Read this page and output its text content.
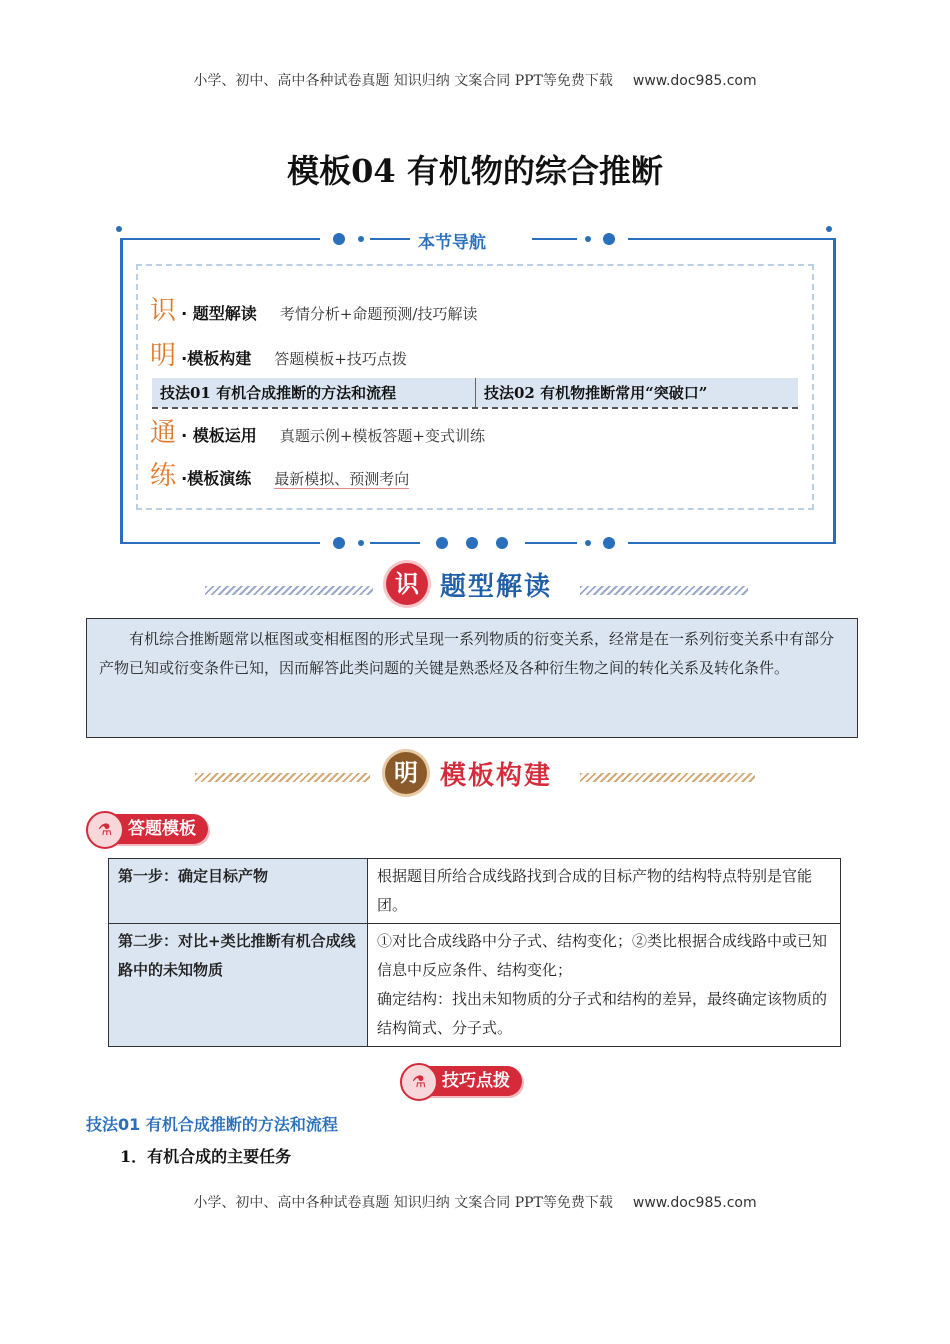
小学、初中、高中各种试卷真题 知识归纳 文案合同 PPT等免费下载 www.doc985.com
模板04 有机物的综合推断
本节导航
识 · 题型解读 考情分析+命题预测/技巧解读
明 ·模板构建 答题模板+技巧点拨
技法01 有机合成推断的方法和流程	技法02 有机物推断常用“突破口”
通 · 模板运用 真题示例+模板答题+变式训练
练 ·模板演练 最新模拟、预测考向
识 题型解读

有机综合推断题常以框图或变相框图的形式呈现一系列物质的衍变关系，经常是在一系列衍变关系中有部分产物已知或衍变条件已知，因而解答此类问题的关键是熟悉烃及各种衍生物之间的转化关系及转化条件。

明 模板构建
⚗ 答题模板
第一步：确定目标产物	根据题目所给合成线路找到合成的目标产物的结构特点特别是官能团。
第二步：对比+类比推断有机合成线路中的未知物质	①对比合成线路中分子式、结构变化；②类比根据合成线路中或已知信息中反应条件、结构变化；
确定结构：找出未知物质的分子式和结构的差异，最终确定该物质的结构简式、分子式。
⚗ 技巧点拨
技法01 有机合成推断的方法和流程
1．有机合成的主要任务
小学、初中、高中各种试卷真题 知识归纳 文案合同 PPT等免费下载 www.doc985.com
